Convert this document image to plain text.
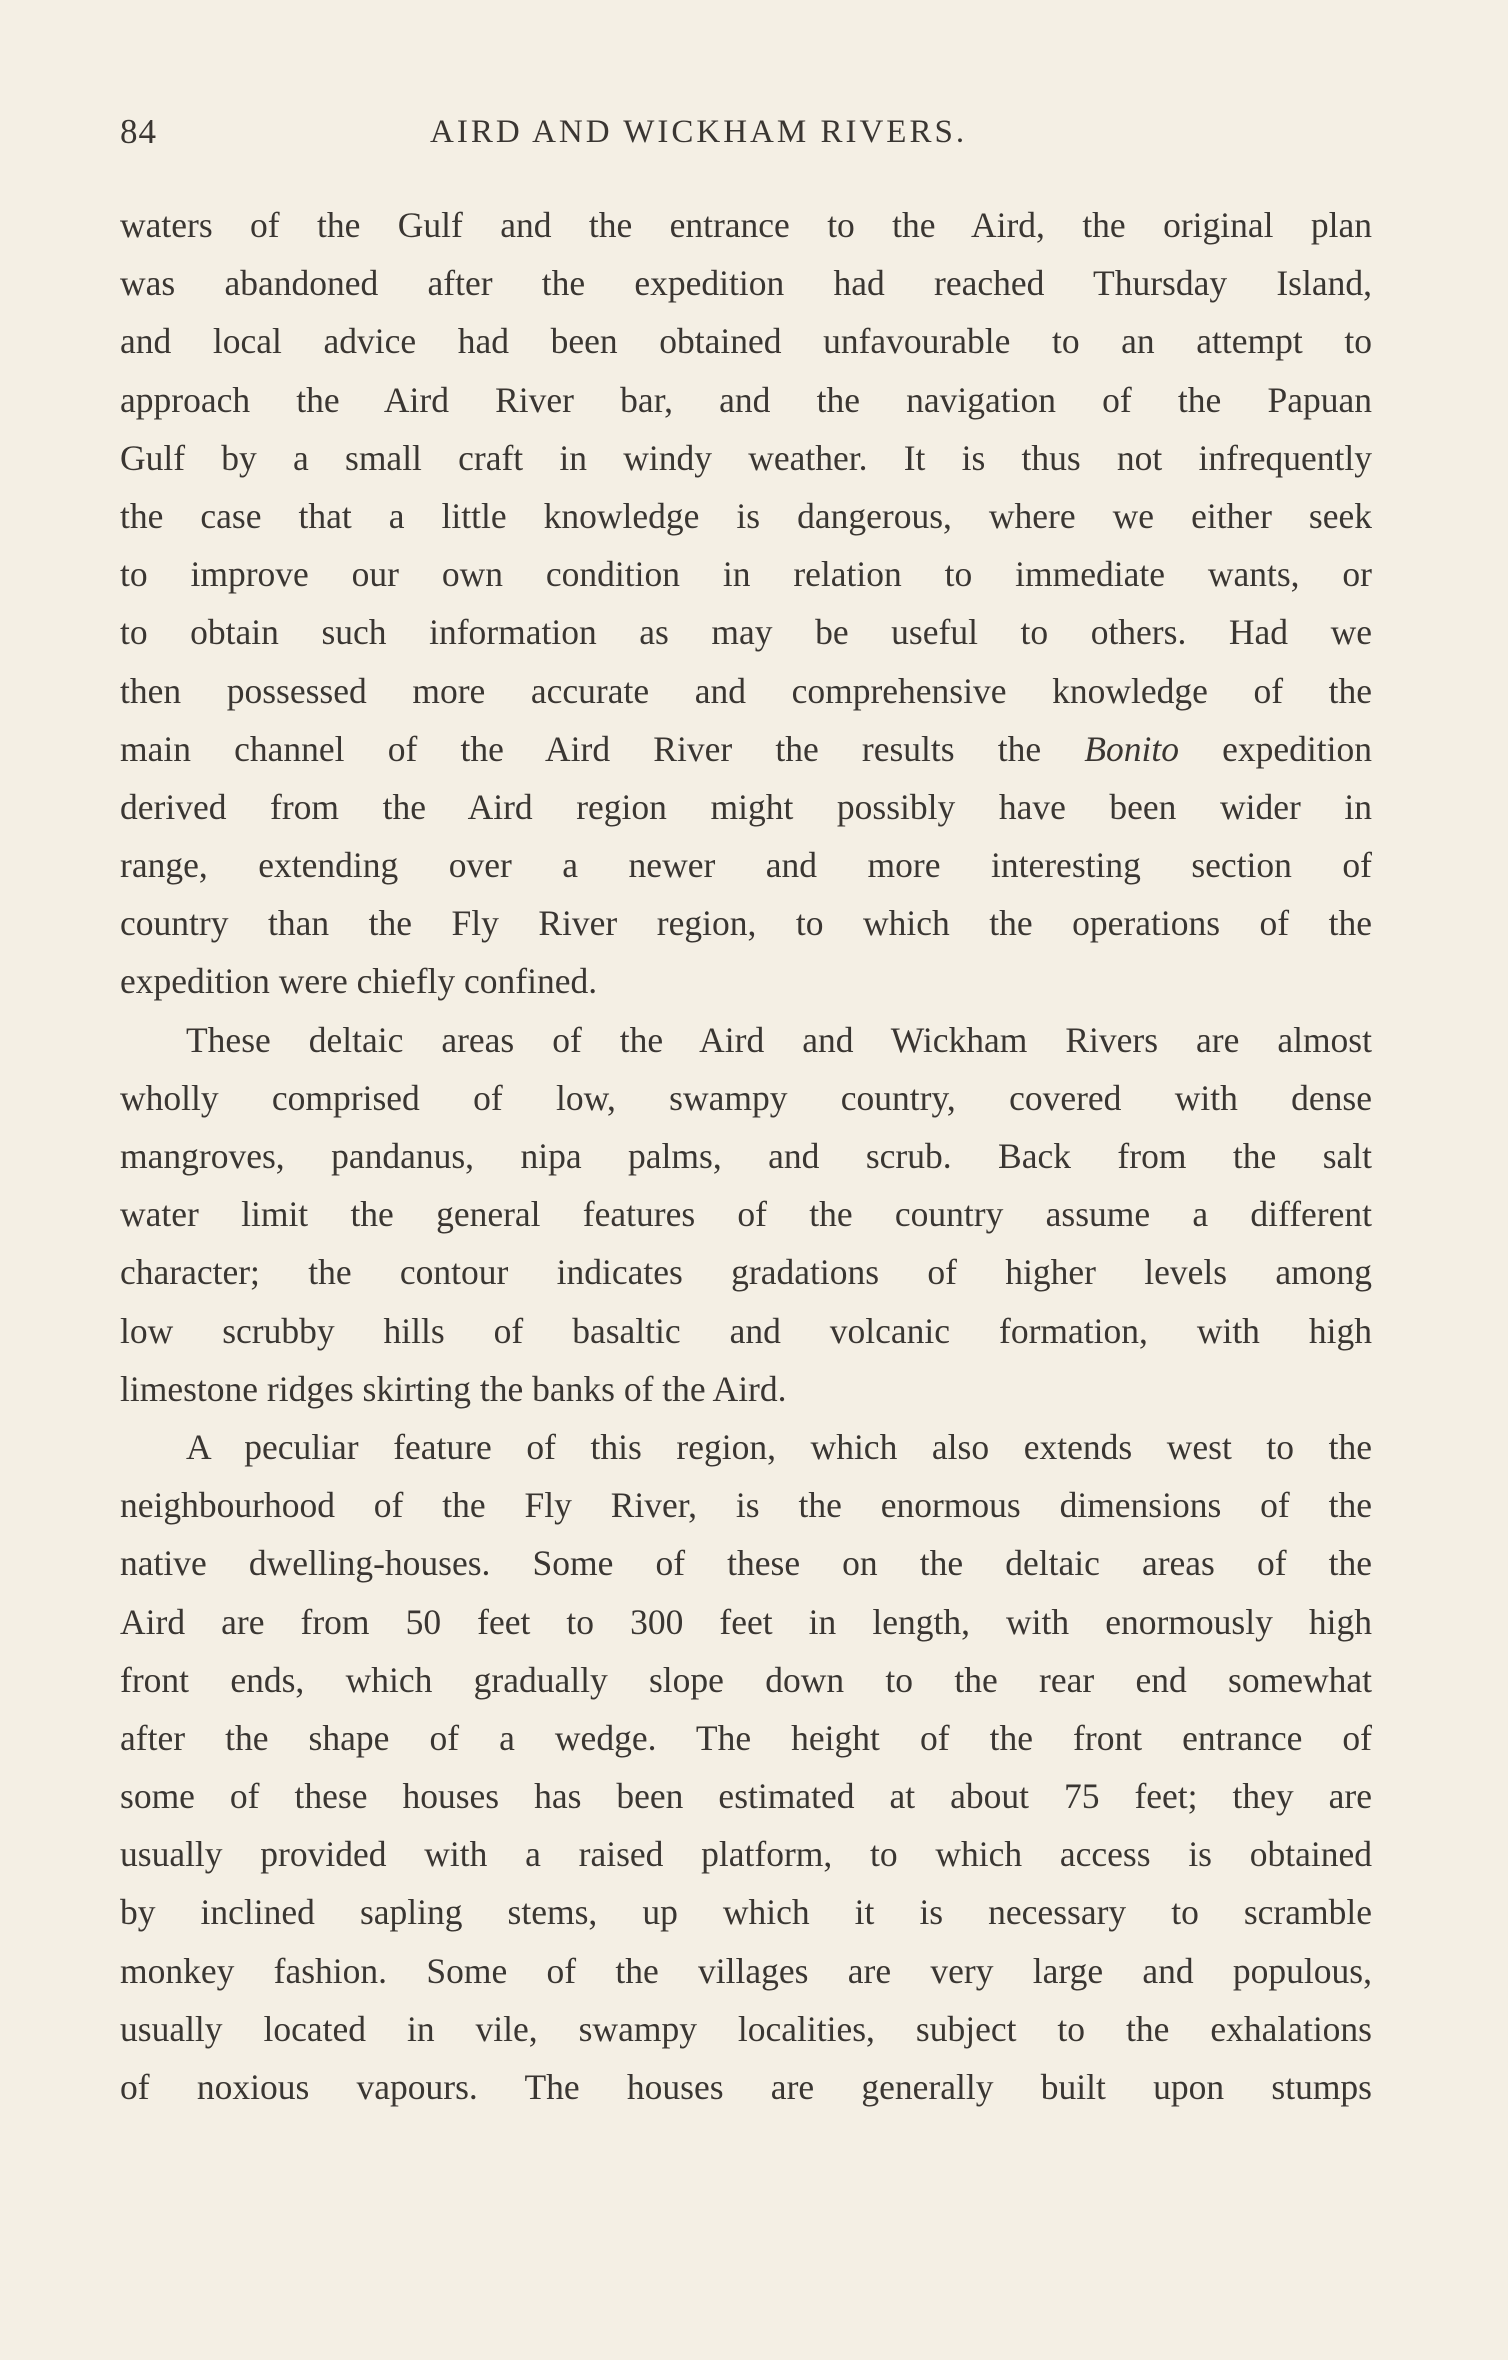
84	AIRD AND WICKHAM RIVERS.
waters of the Gulf and the entrance to the Aird, the original plan
was abandoned after the expedition had reached Thursday Island,
and local advice had been obtained unfavourable to an attempt to
approach the Aird River bar, and the navigation of the Papuan
Gulf by a small craft in windy weather. It is thus not infrequently
the case that a little knowledge is dangerous, where we either seek
to improve our own condition in relation to immediate wants, or
to obtain such information as may be useful to others. Had we
then possessed more accurate and comprehensive knowledge of the
main channel of the Aird River the results the Bonito expedition
derived from the Aird region might possibly have been wider in
range, extending over a newer and more interesting section of
country than the Fly River region, to which the operations of the
expedition were chiefly confined.
These deltaic areas of the Aird and Wickham Rivers are almost
wholly comprised of low, swampy country, covered with dense
mangroves, pandanus, nipa palms, and scrub. Back from the salt
water limit the general features of the country assume a different
character; the contour indicates gradations of higher levels among
low scrubby hills of basaltic and volcanic formation, with high
limestone ridges skirting the banks of the Aird.
A peculiar feature of this region, which also extends west to the
neighbourhood of the Fly River, is the enormous dimensions of the
native dwelling-houses. Some of these on the deltaic areas of the
Aird are from 50 feet to 300 feet in length, with enormously high
front ends, which gradually slope down to the rear end somewhat
after the shape of a wedge. The height of the front entrance of
some of these houses has been estimated at about 75 feet; they are
usually provided with a raised platform, to which access is obtained
by inclined sapling stems, up which it is necessary to scramble
monkey fashion. Some of the villages are very large and populous,
usually located in vile, swampy localities, subject to the exhalations
of noxious vapours. The houses are generally built upon stumps
